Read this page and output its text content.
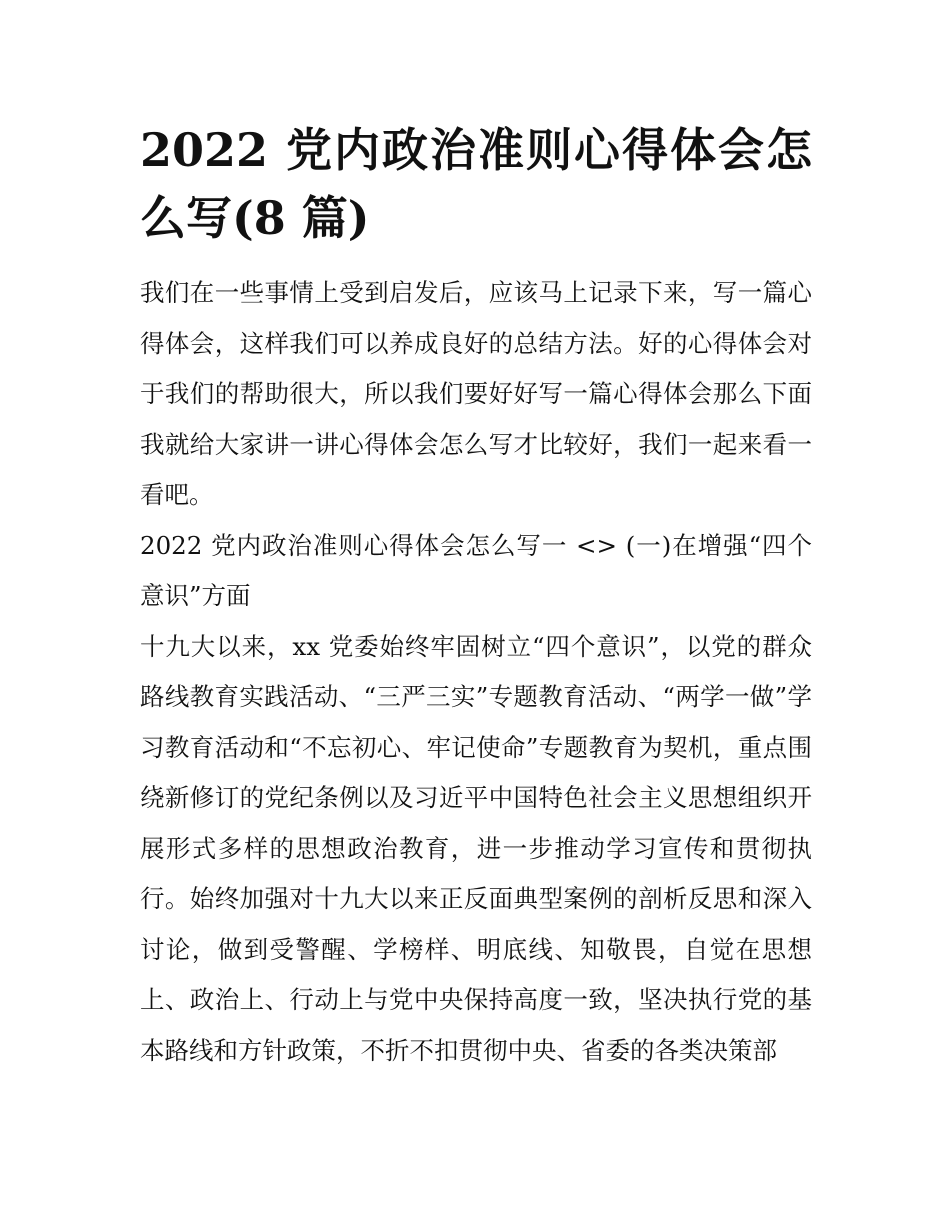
2022 党内政治准则心得体会怎么写(8 篇)

我们在一些事情上受到启发后，应该马上记录下来，写一篇心得体会，这样我们可以养成良好的总结方法。好的心得体会对于我们的帮助很大，所以我们要好好写一篇心得体会那么下面我就给大家讲一讲心得体会怎么写才比较好，我们一起来看一看吧。

2022 党内政治准则心得体会怎么写一 <> (一)在增强“四个意识”方面

十九大以来，xx 党委始终牢固树立“四个意识”，以党的群众路线教育实践活动、“三严三实”专题教育活动、“两学一做”学习教育活动和“不忘初心、牢记使命”专题教育为契机，重点围绕新修订的党纪条例以及习近平中国特色社会主义思想组织开展形式多样的思想政治教育，进一步推动学习宣传和贯彻执行。始终加强对十九大以来正反面典型案例的剖析反思和深入讨论，做到受警醒、学榜样、明底线、知敬畏，自觉在思想上、政治上、行动上与党中央保持高度一致，坚决执行党的基本路线和方针政策，不折不扣贯彻中央、省委的各类决策部
